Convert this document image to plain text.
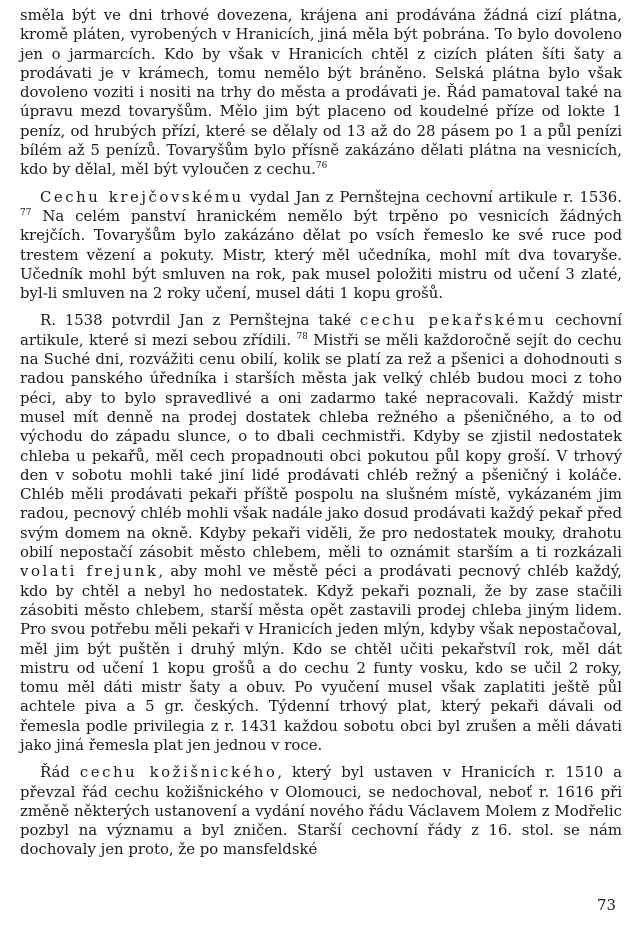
směla být ve dni trhové dovezena, krájena ani prodávána žádná cizí plátna, kromě pláten, vyrobených v Hranicích, jiná měla být pobrána. To bylo dovoleno jen o jarmarcích. Kdo by však v Hranicích chtěl z cizích pláten šíti šaty a prodávati je v krámech, tomu nemělo být bráněno. Selská plátna bylo však dovoleno voziti i nositi na trhy do města a prodávati je. Řád pamatoval také na úpravu mezd tovaryšům. Mělo jim být placeno od koudelné příze od lokte 1 peníz, od hrubých přízí, které se dělaly od 13 až do 28 pásem po 1 a půl penízi bílém až 5 penízů. Tovaryšům bylo přísně zakázáno dělati plátna na vesnicích, kdo by dělal, měl být vyloučen z cechu.$^{76}$

Cechu krejčovskému vydal Jan z Pernštejna cechovní artikule r. 1536. $^{77}$ Na celém panství hranickém nemělo být trpěno po vesnicích žádných krejčích. Tovaryšům bylo zakázáno dělat po vsích řemeslo ke své ruce pod trestem vězení a pokuty. Mistr, který měl učedníka, mohl mít dva tovaryše. Učedník mohl být smluven na rok, pak musel položiti mistru od učení 3 zlaté, byl-li smluven na 2 roky učení, musel dáti 1 kopu grošů.

R. 1538 potvrdil Jan z Pernštejna také cechu pekařskému cechovní artikule, které si mezi sebou zřídili. $^{78}$ Mistři se měli každoročně sejít do cechu na Suché dni, rozvážiti cenu obilí, kolik se platí za rež a pšenici a dohodnouti s radou panského úředníka i starších města jak velký chléb budou moci z toho péci, aby to bylo spravedlivé a oni zadarmo také nepracovali. Každý mistr musel mít denně na prodej dostatek chleba režného a pšeničného, a to od východu do západu slunce, o to dbali cechmistři. Kdyby se zjistil nedostatek chleba u pekařů, měl cech propadnouti obci pokutou půl kopy groší. V trhový den v sobotu mohli také jiní lidé prodávati chléb režný a pšeničný i koláče. Chléb měli prodávati pekaři příště pospolu na slušném místě, vykázaném jim radou, pecnový chléb mohli však nadále jako dosud prodávati každý pekař před svým domem na okně. Kdyby pekaři viděli, že pro nedostatek mouky, drahotu obilí nepostačí zásobit město chlebem, měli to oznámit starším a ti rozkázali volati frejunk, aby mohl ve městě péci a prodávati pecnový chléb každý, kdo by chtěl a nebyl ho nedostatek. Když pekaři poznali, že by zase stačili zásobiti město chlebem, starší města opět zastavili prodej chleba jiným lidem. Pro svou potřebu měli pekaři v Hranicích jeden mlýn, kdyby však nepostačoval, měl jim být puštěn i druhý mlýn. Kdo se chtěl učiti pekařstvíl rok, měl dát mistru od učení 1 kopu grošů a do cechu 2 funty vosku, kdo se učil 2 roky, tomu měl dáti mistr šaty a obuv. Po vyučení musel však zaplatiti ještě půl achtele piva a 5 gr. českých. Týdenní trhový plat, který pekaři dávali od řemesla podle privilegia z r. 1431 každou sobotu obci byl zrušen a měli dávati jako jiná řemesla plat jen jednou v roce.

Řád cechu kožišnického, který byl ustaven v Hranicích r. 1510 a převzal řád cechu kožišnického v Olomouci, se nedochoval, neboť r. 1616 při změně některých ustanovení a vydání nového řádu Václavem Molem z Modřelic pozbyl na významu a byl zničen. Starší cechovní řády z 16. stol. se nám dochovaly jen proto, že po mansfeldské

73
